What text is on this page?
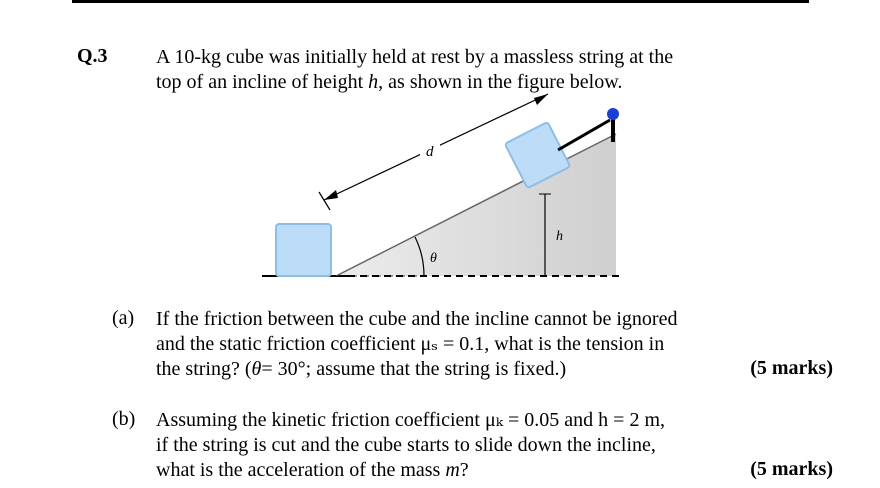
Q.3 A 10-kg cube was initially held at rest by a massless string at the
top of an incline of height h, as shown in the figure below.
h
θ
d
(a) If the friction between the cube and the incline cannot be ignored
and the static friction coefficient μₛ = 0.1, what is the tension in
the string? (θ= 30°; assume that the string is fixed.)	(5 marks)
(b) Assuming the kinetic friction coefficient μₖ = 0.05 and h = 2 m,
if the string is cut and the cube starts to slide down the incline,
what is the acceleration of the mass m?	(5 marks)
